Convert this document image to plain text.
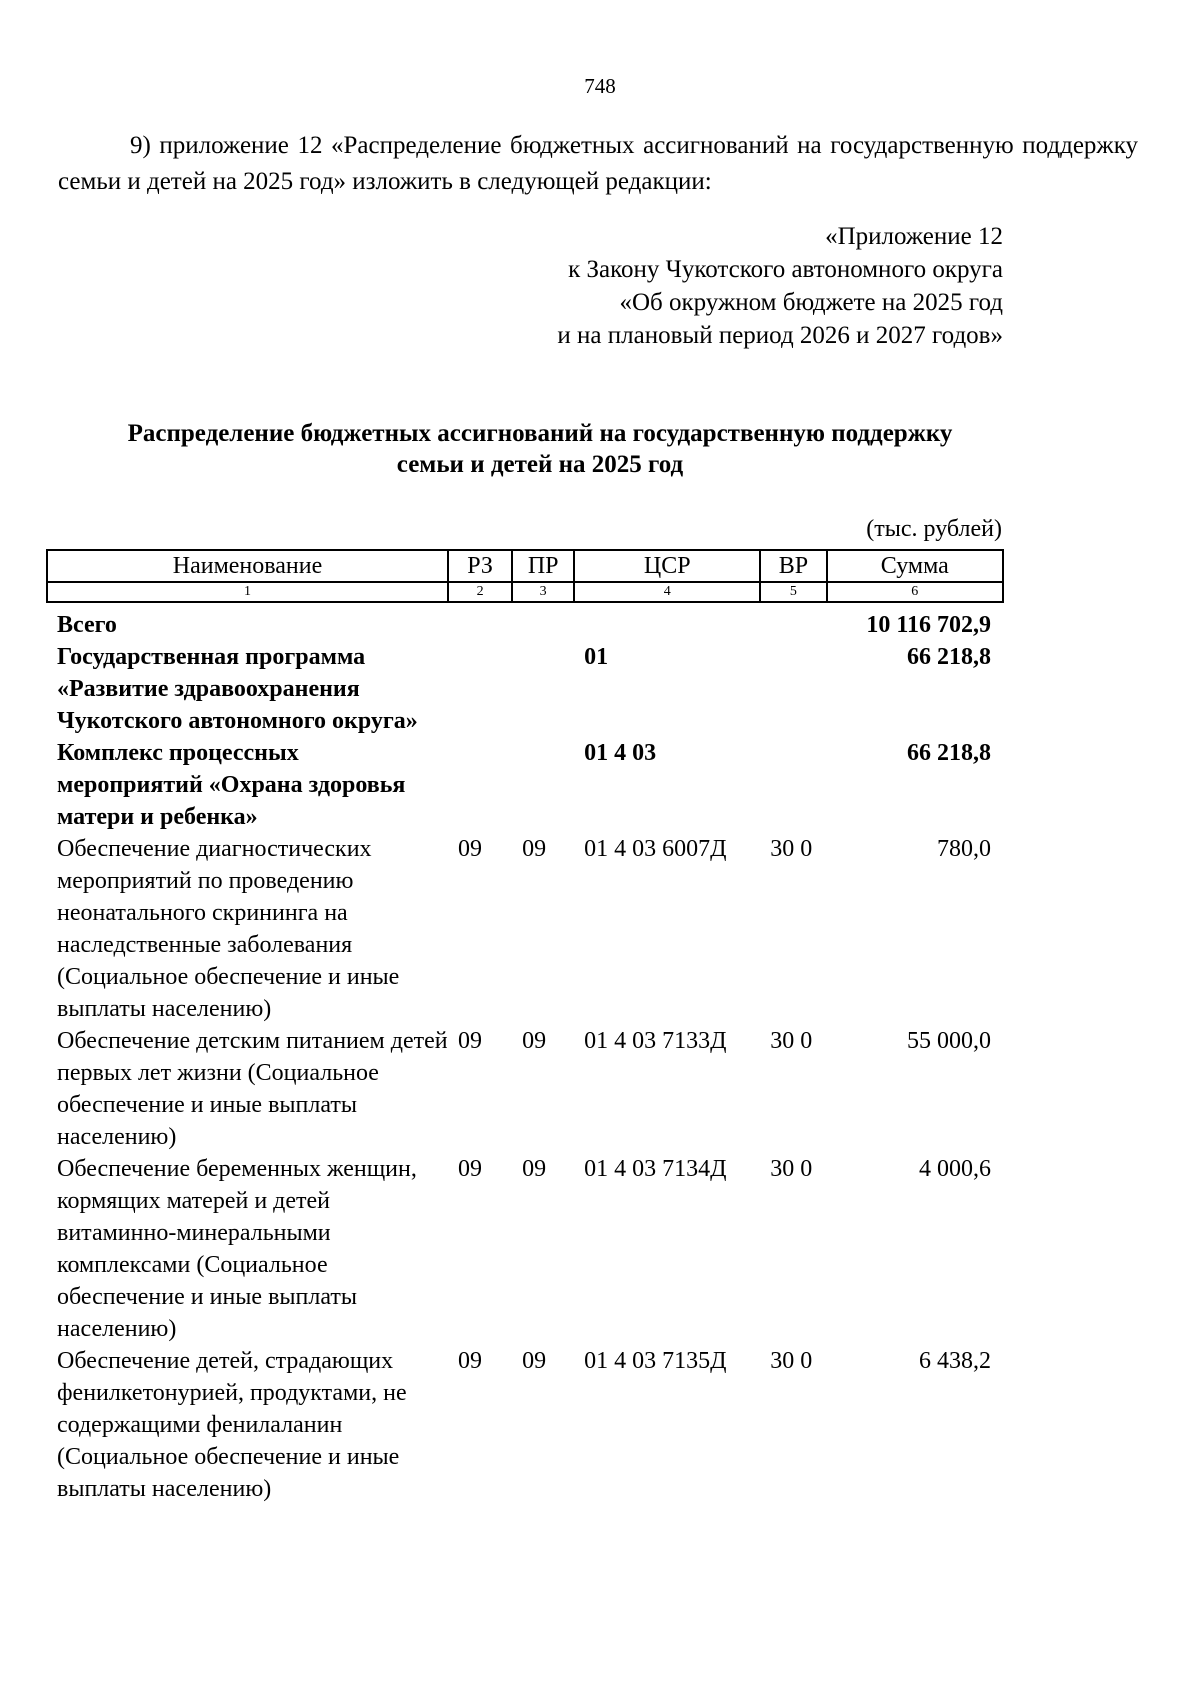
748

9) приложение 12 «Распределение бюджетных ассигнований на государственную поддержку семьи и детей на 2025 год» изложить в следующей редакции:

«Приложение 12
к Закону Чукотского автономного округа
«Об окружном бюджете на 2025 год
и на плановый период 2026 и 2027 годов»
Распределение бюджетных ассигнований на государственную поддержку
семьи и детей на 2025 год
(тыс. рублей)
Наименование	РЗ	ПР	ЦСР	ВР	Сумма
1	2	3	4	5	6
Всего					10 116 702,9
Государственная программа «Развитие здравоохранения Чукотского автономного округа»			01		66 218,8
Комплекс процессных мероприятий «Охрана здоровья матери и ребенка»			01 4 03		66 218,8
Обеспечение диагностических мероприятий по проведению неонатального скрининга на наследственные заболевания (Социальное обеспечение и иные выплаты населению)	09	09	01 4 03 6007Д	30 0	780,0
Обеспечение детским питанием детей первых лет жизни (Социальное обеспечение и иные выплаты населению)	09	09	01 4 03 7133Д	30 0	55 000,0
Обеспечение беременных женщин, кормящих матерей и детей витаминно-минеральными комплексами (Социальное обеспечение и иные выплаты населению)	09	09	01 4 03 7134Д	30 0	4 000,6
Обеспечение детей, страдающих фенилкетонурией, продуктами, не содержащими фенилаланин (Социальное обеспечение и иные выплаты населению)	09	09	01 4 03 7135Д	30 0	6 438,2
